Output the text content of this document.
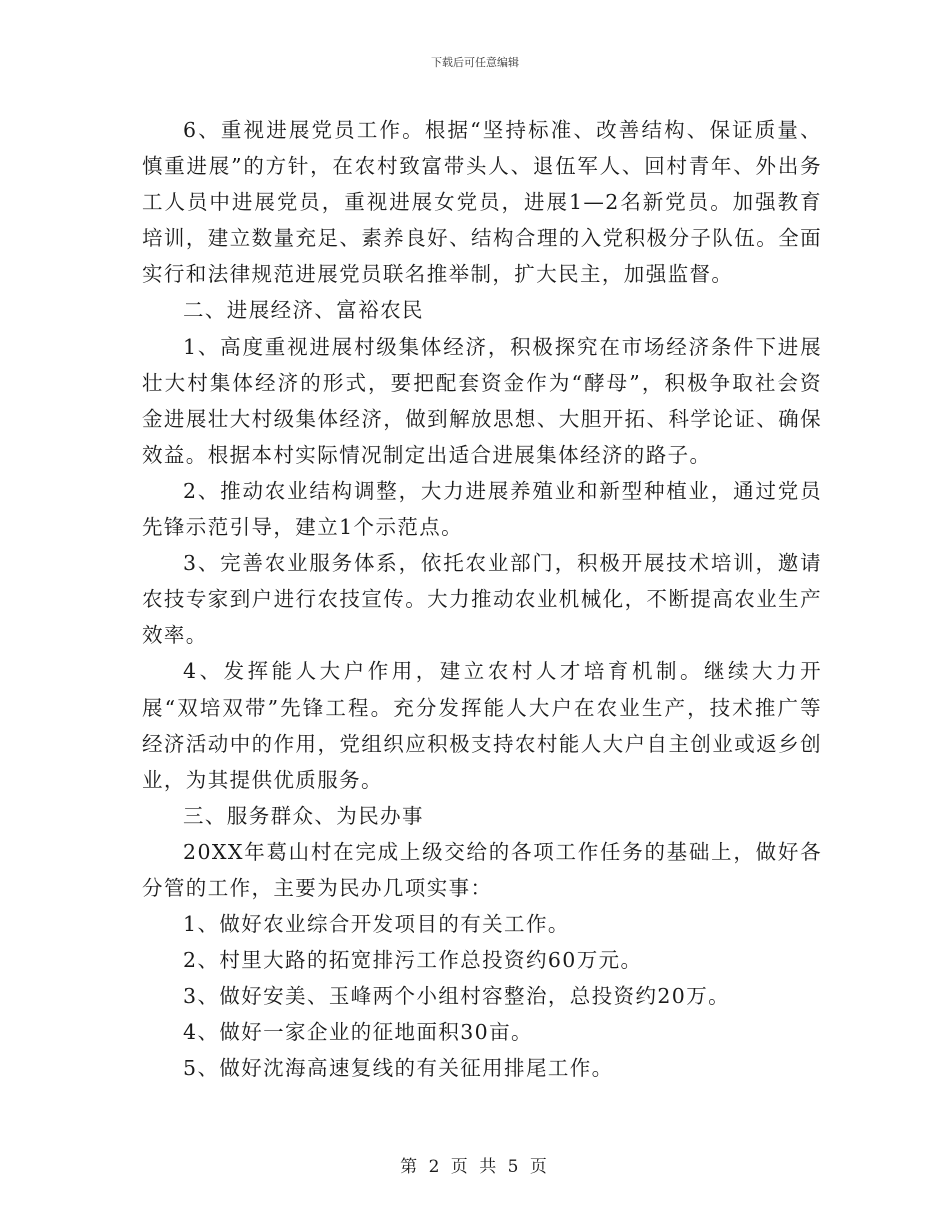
下载后可任意编辑

6、重视进展党员工作。根据“坚持标准、改善结构、保证质量、慎重进展”的方针，在农村致富带头人、退伍军人、回村青年、外出务工人员中进展党员，重视进展女党员，进展1—2名新党员。加强教育培训，建立数量充足、素养良好、结构合理的入党积极分子队伍。全面实行和法律规范进展党员联名推举制，扩大民主，加强监督。

二、进展经济、富裕农民

1、高度重视进展村级集体经济，积极探究在市场经济条件下进展壮大村集体经济的形式，要把配套资金作为“酵母”，积极争取社会资金进展壮大村级集体经济，做到解放思想、大胆开拓、科学论证、确保效益。根据本村实际情况制定出适合进展集体经济的路子。

2、推动农业结构调整，大力进展养殖业和新型种植业，通过党员先锋示范引导，建立1个示范点。

3、完善农业服务体系，依托农业部门，积极开展技术培训，邀请农技专家到户进行农技宣传。大力推动农业机械化，不断提高农业生产效率。

4、发挥能人大户作用，建立农村人才培育机制。继续大力开展“双培双带”先锋工程。充分发挥能人大户在农业生产，技术推广等经济活动中的作用，党组织应积极支持农村能人大户自主创业或返乡创业，为其提供优质服务。

三、服务群众、为民办事

20XX年葛山村在完成上级交给的各项工作任务的基础上，做好各分管的工作，主要为民办几项实事：

1、做好农业综合开发项目的有关工作。

2、村里大路的拓宽排污工作总投资约60万元。

3、做好安美、玉峰两个小组村容整治，总投资约20万。

4、做好一家企业的征地面积30亩。

5、做好沈海高速复线的有关征用排尾工作。

第 2 页 共 5 页
